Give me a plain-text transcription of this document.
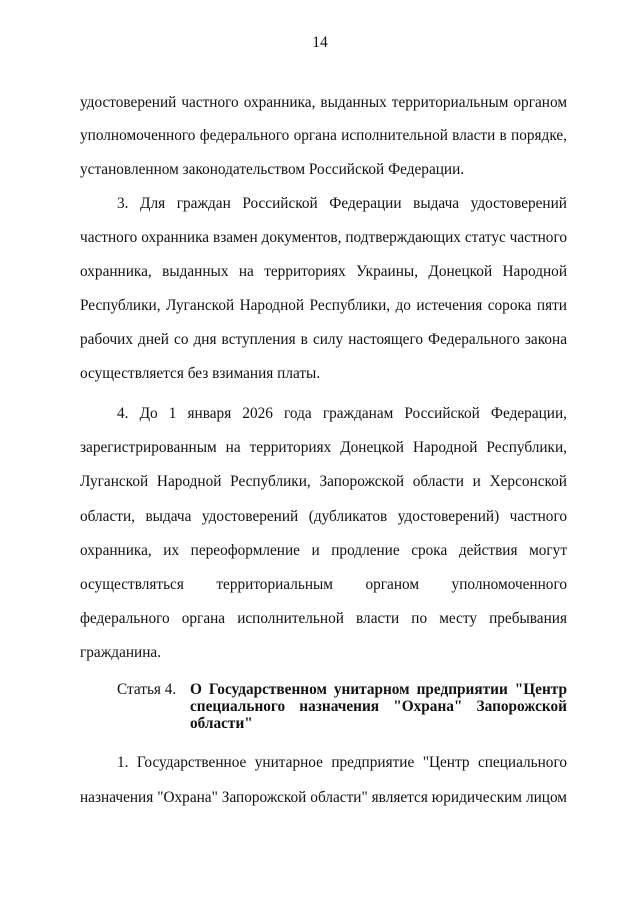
14
удостоверений частного охранника, выданных территориальным органом
уполномоченного федерального органа исполнительной власти в порядке,
установленном законодательством Российской Федерации.
3. Для граждан Российской Федерации выдача удостоверений
частного охранника взамен документов, подтверждающих статус частного
охранника, выданных на территориях Украины, Донецкой Народной
Республики, Луганской Народной Республики, до истечения сорока пяти
рабочих дней со дня вступления в силу настоящего Федерального закона
осуществляется без взимания платы.
4. До 1 января 2026 года гражданам Российской Федерации,
зарегистрированным на территориях Донецкой Народной Республики,
Луганской Народной Республики, Запорожской области и Херсонской
области, выдача удостоверений (дубликатов удостоверений) частного
охранника, их переоформление и продление срока действия могут
осуществляться территориальным органом уполномоченного
федерального органа исполнительной власти по месту пребывания
гражданина.
Статья 4. О Государственном унитарном предприятии "Центр
специального назначения "Охрана" Запорожской
области"
1. Государственное унитарное предприятие "Центр специального
назначения "Охрана" Запорожской области" является юридическим лицом
